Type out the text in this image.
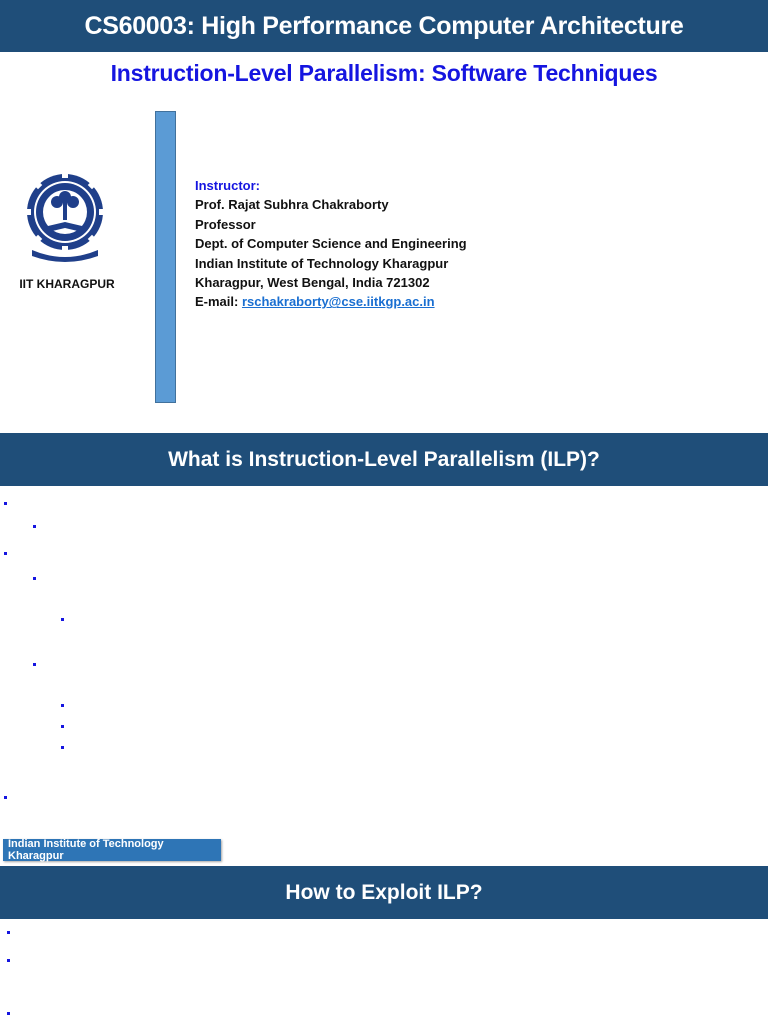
CS60003: High Performance Computer Architecture
Instruction-Level Parallelism: Software Techniques
IIT KHARAGPUR
Instructor:
Prof. Rajat Subhra Chakraborty
Professor
Dept. of Computer Science and Engineering
Indian Institute of Technology Kharagpur
Kharagpur, West Bengal, India 721302
E-mail: rschakraborty@cse.iitkgp.ac.in
What is Instruction-Level Parallelism (ILP)?
Indian Institute of Technology Kharagpur
How to Exploit ILP?
